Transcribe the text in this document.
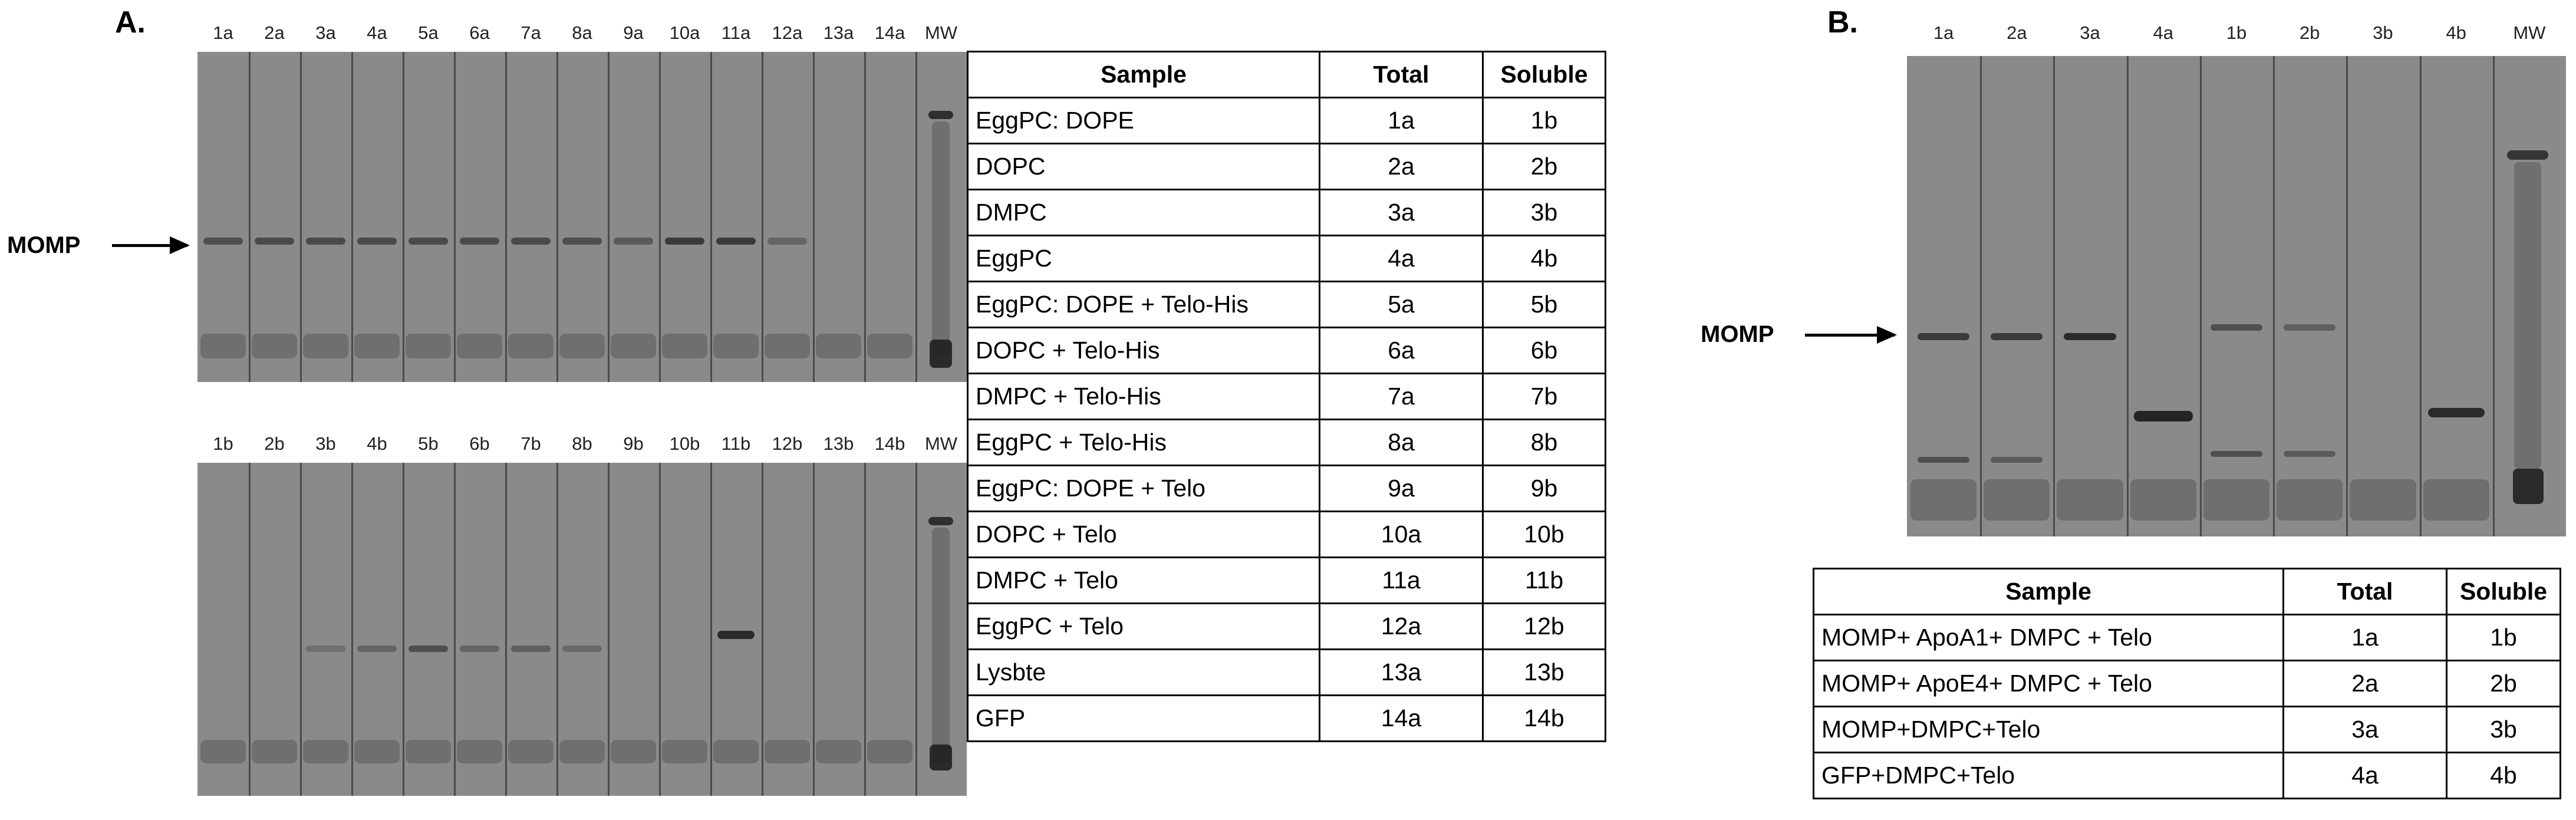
A.	B.
1a	2a	3a	4a	5a	6a	7a	8a	9a	10a	11a	12a	13a	14a	MW
1b	2b	3b	4b	5b	6b	7b	8b	9b	10b	11b	12b	13b	14b	MW
MOMP
Sample	Total	Soluble
EggPC: DOPE	1a	1b
DOPC	2a	2b
DMPC	3a	3b
EggPC	4a	4b
EggPC: DOPE + Telo-His	5a	5b
DOPC + Telo-His	6a	6b
DMPC + Telo-His	7a	7b
EggPC + Telo-His	8a	8b
EggPC: DOPE + Telo	9a	9b
DOPC + Telo	10a	10b
DMPC + Telo	11a	11b
EggPC + Telo	12a	12b
Lysbte	13a	13b
GFP	14a	14b
1a	2a	3a	4a	1b	2b	3b	4b	MW
MOMP
Sample	Total	Soluble
MOMP+ ApoA1+ DMPC + Telo	1a	1b
MOMP+ ApoE4+ DMPC + Telo	2a	2b
MOMP+DMPC+Telo	3a	3b
GFP+DMPC+Telo	4a	4b
